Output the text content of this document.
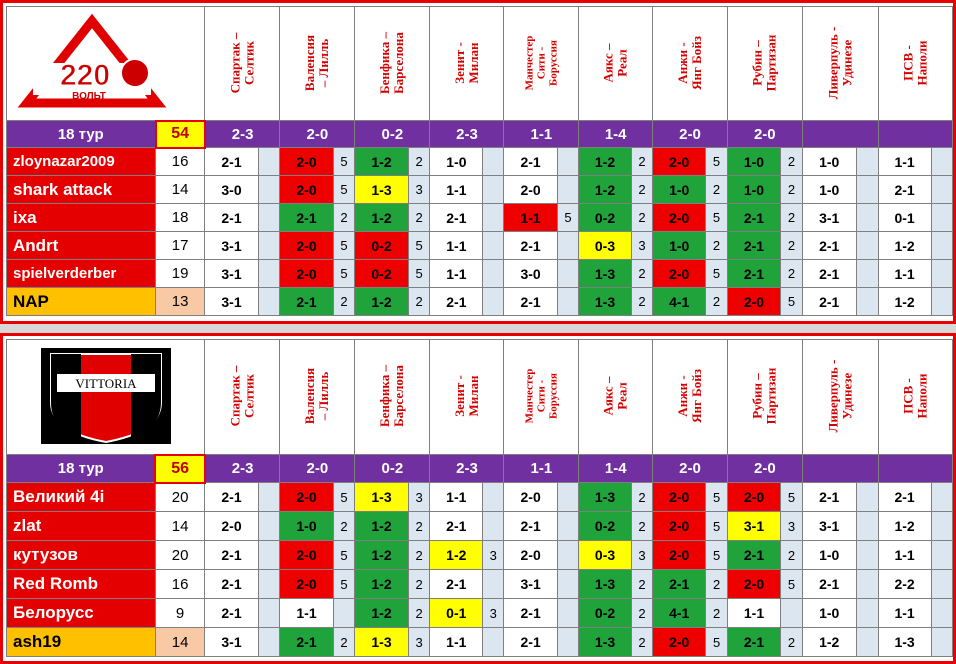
220
ВОЛЬТ		Спартак – Селтик		Валенсия – Лилль		Бенфика – Барселона		Зенит - Милан		Манчестер Сити - Боруссия		Аякс – Реал		Анжи - Янг Бойз		Рубин – Партизан		Ливерпуль - Удинезе		ПСВ - Наполи	

18 тур	54	2-3		2-0		0-2		2-3		1-1		1-4		2-0		2-0					
zloynazar2009	16	2-1		2-0	5	1-2	2	1-0		2-1		1-2	2	2-0	5	1-0	2	1-0		1-1	
shark attack	14	3-0		2-0	5	1-3	3	1-1		2-0		1-2	2	1-0	2	1-0	2	1-0		2-1	
ixa	18	2-1		2-1	2	1-2	2	2-1		1-1	5	0-2	2	2-0	5	2-1	2	3-1		0-1	
Andrt	17	3-1		2-0	5	0-2	5	1-1		2-1		0-3	3	1-0	2	2-1	2	2-1		1-2	
spielverderber	19	3-1		2-0	5	0-2	5	1-1		3-0		1-3	2	2-0	5	2-1	2	2-1		1-1	
NAP	13	3-1		2-1	2	1-2	2	2-1		2-1		1-3	2	4-1	2	2-0	5	2-1		1-2	
VITTORIA		Спартак – Селтик		Валенсия – Лилль		Бенфика – Барселона		Зенит - Милан		Манчестер Сити - Боруссия		Аякс – Реал		Анжи - Янг Бойз		Рубин – Партизан		Ливерпуль - Удинезе		ПСВ - Наполи	

18 тур	56	2-3		2-0		0-2		2-3		1-1		1-4		2-0		2-0					
Великий 4i	20	2-1		2-0	5	1-3	3	1-1		2-0		1-3	2	2-0	5	2-0	5	2-1		2-1	
zlat	14	2-0		1-0	2	1-2	2	2-1		2-1		0-2	2	2-0	5	3-1	3	3-1		1-2	
кутузов	20	2-1		2-0	5	1-2	2	1-2	3	2-0		0-3	3	2-0	5	2-1	2	1-0		1-1	
Red Romb	16	2-1		2-0	5	1-2	2	2-1		3-1		1-3	2	2-1	2	2-0	5	2-1		2-2	
Белорусс	9	2-1		1-1		1-2	2	0-1	3	2-1		0-2	2	4-1	2	1-1		1-0		1-1	
ash19	14	3-1		2-1	2	1-3	3	1-1		2-1		1-3	2	2-0	5	2-1	2	1-2		1-3	
